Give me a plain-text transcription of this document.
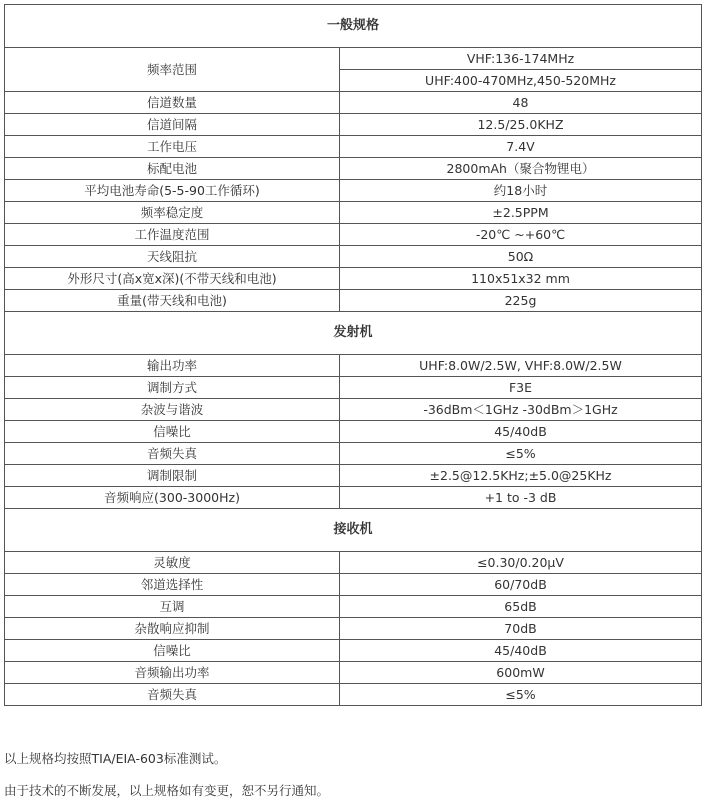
一般规格	
频率范围	VHF:136-174MHz
	UHF:400-470MHz,450-520MHz
信道数量	48
信道间隔	12.5/25.0KHZ
工作电压	7.4V
标配电池	2800mAh（聚合物锂电）
平均电池寿命(5-5-90工作循环)	约18小时
频率稳定度	±2.5PPM
工作温度范围	-20℃ ~+60℃
天线阻抗	50Ω
外形尺寸(高x宽x深)(不带天线和电池)	110x51x32 mm
重量(带天线和电池)	225g
发射机	
输出功率	UHF:8.0W/2.5W, VHF:8.0W/2.5W
调制方式	F3E
杂波与谐波	-36dBm＜1GHz -30dBm＞1GHz
信噪比	45/40dB
音频失真	≤5%
调制限制	±2.5@12.5KHz;±5.0@25KHz
音频响应(300-3000Hz)	+1 to -3 dB
接收机	
灵敏度	≤0.30/0.20μV
邻道选择性	60/70dB
互调	65dB
杂散响应抑制	70dB
信噪比	45/40dB
音频输出功率	600mW
音频失真	≤5%
以上规格均按照TIA/EIA-603标准测试。
由于技术的不断发展，以上规格如有变更，恕不另行通知。
